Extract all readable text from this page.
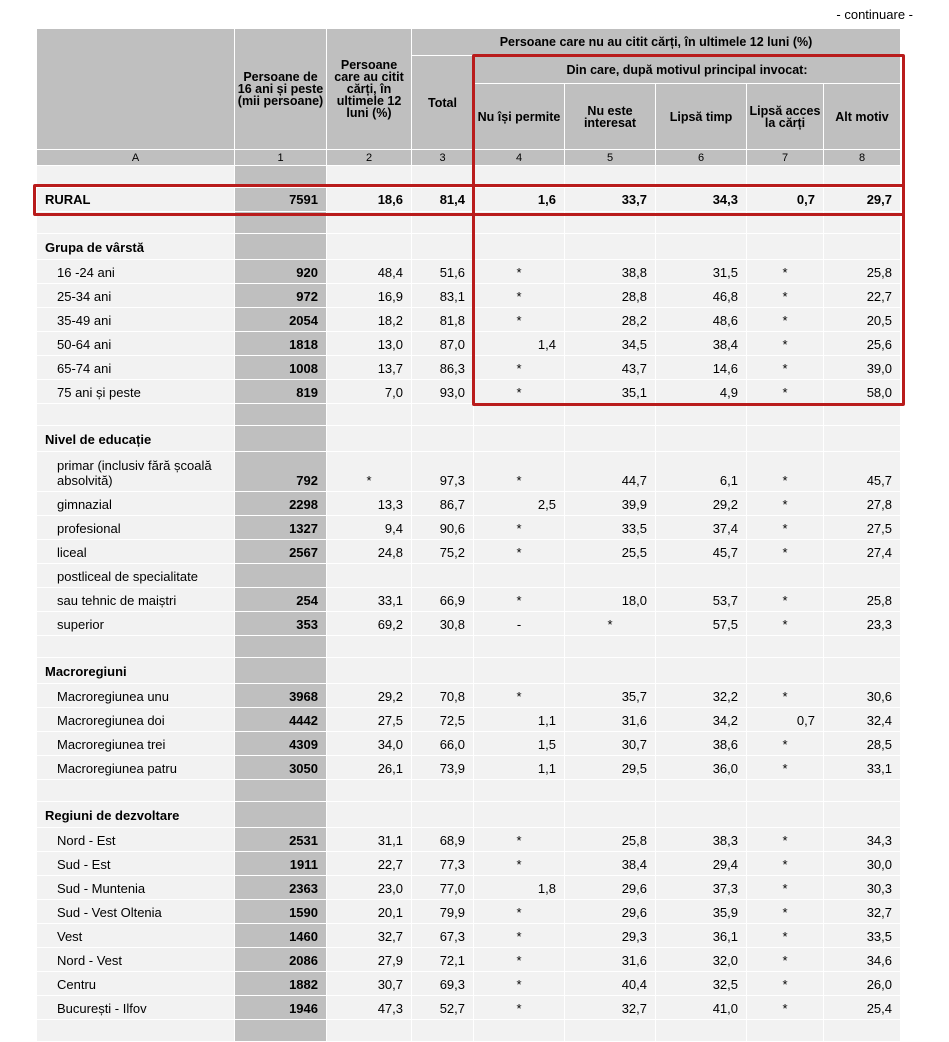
- continuare -
	Persoane de 16 ani și peste (mii persoane)	Persoane care au citit cărți, în ultimele 12 luni (%)	Persoane care nu au citit cărți, în ultimele 12 luni (%)					
			Total	Din care, după motivul principal invocat:				
				Nu își permite	Nu este interesat	Lipsă timp	Lipsă acces la cărți	Alt motiv
A	1	2	3	4	5	6	7	8

RURAL	7591	18,6	81,4	1,6	33,7	34,3	0,7	29,7

Grupa de vârstă								
16 -24 ani	920	48,4	51,6	*	38,8	31,5	*	25,8
25-34 ani	972	16,9	83,1	*	28,8	46,8	*	22,7
35-49 ani	2054	18,2	81,8	*	28,2	48,6	*	20,5
50-64 ani	1818	13,0	87,0	1,4	34,5	38,4	*	25,6
65-74 ani	1008	13,7	86,3	*	43,7	14,6	*	39,0
75 ani și peste	819	7,0	93,0	*	35,1	4,9	*	58,0

Nivel de educație								
primar (inclusiv fără școală absolvită)	792	*	97,3	*	44,7	6,1	*	45,7
gimnazial	2298	13,3	86,7	2,5	39,9	29,2	*	27,8
profesional	1327	9,4	90,6	*	33,5	37,4	*	27,5
liceal	2567	24,8	75,2	*	25,5	45,7	*	27,4
postliceal de specialitate								
sau tehnic de maiștri	254	33,1	66,9	*	18,0	53,7	*	25,8
superior	353	69,2	30,8	-	*	57,5	*	23,3

Macroregiuni								
Macroregiunea unu	3968	29,2	70,8	*	35,7	32,2	*	30,6
Macroregiunea doi	4442	27,5	72,5	1,1	31,6	34,2	0,7	32,4
Macroregiunea trei	4309	34,0	66,0	1,5	30,7	38,6	*	28,5
Macroregiunea patru	3050	26,1	73,9	1,1	29,5	36,0	*	33,1

Regiuni de dezvoltare								
Nord - Est	2531	31,1	68,9	*	25,8	38,3	*	34,3
Sud - Est	1911	22,7	77,3	*	38,4	29,4	*	30,0
Sud - Muntenia	2363	23,0	77,0	1,8	29,6	37,3	*	30,3
Sud - Vest Oltenia	1590	20,1	79,9	*	29,6	35,9	*	32,7
Vest	1460	32,7	67,3	*	29,3	36,1	*	33,5
Nord - Vest	2086	27,9	72,1	*	31,6	32,0	*	34,6
Centru	1882	30,7	69,3	*	40,4	32,5	*	26,0
București - Ilfov	1946	47,3	52,7	*	32,7	41,0	*	25,4
